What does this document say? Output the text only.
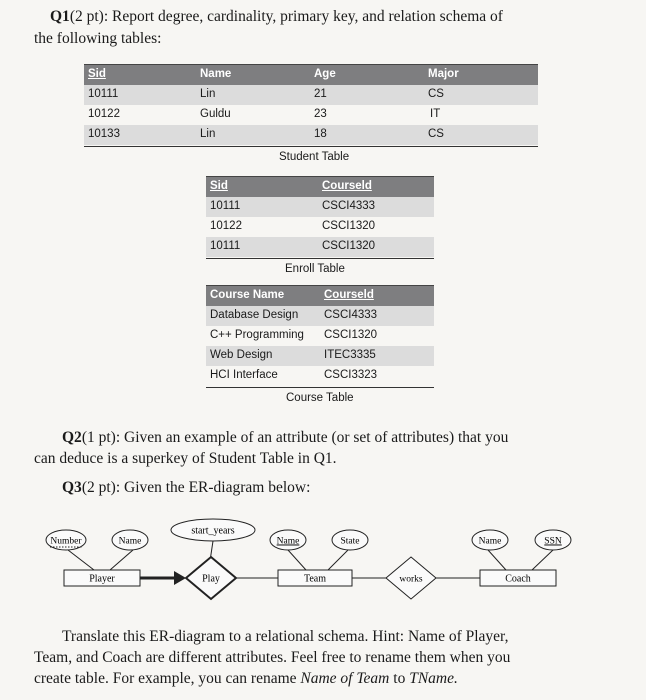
Q1(2 pt): Report degree, cardinality, primary key, and relation schema of
the following tables:
Sid	Name	Age	Major
10111	Lin	21	CS
10122	Guldu	23	IT
10133	Lin	18	CS
Student Table
Sid	Courseld
10111	CSCI4333
10122	CSCI1320
10111	CSCI1320
Enroll Table
Course Name	Courseld
Database Design CSCI4333
C++ Programming CSCI1320
Web Design	ITEC3335
HCI Interface	CSCI3323
Course Table
Q2(1 pt): Given an example of an attribute (or set of attributes) that you
can deduce is a superkey of Student Table in Q1.
Q3(2 pt): Given the ER-diagram below:
Number	Name
start_years
Name	State	Name	SSN
Player	Team	Coach
Play	works
Translate this ER-diagram to a relational schema. Hint: Name of Player,
Team, and Coach are different attributes. Feel free to rename them when you
create table. For example, you can rename Name of Team to TName.
